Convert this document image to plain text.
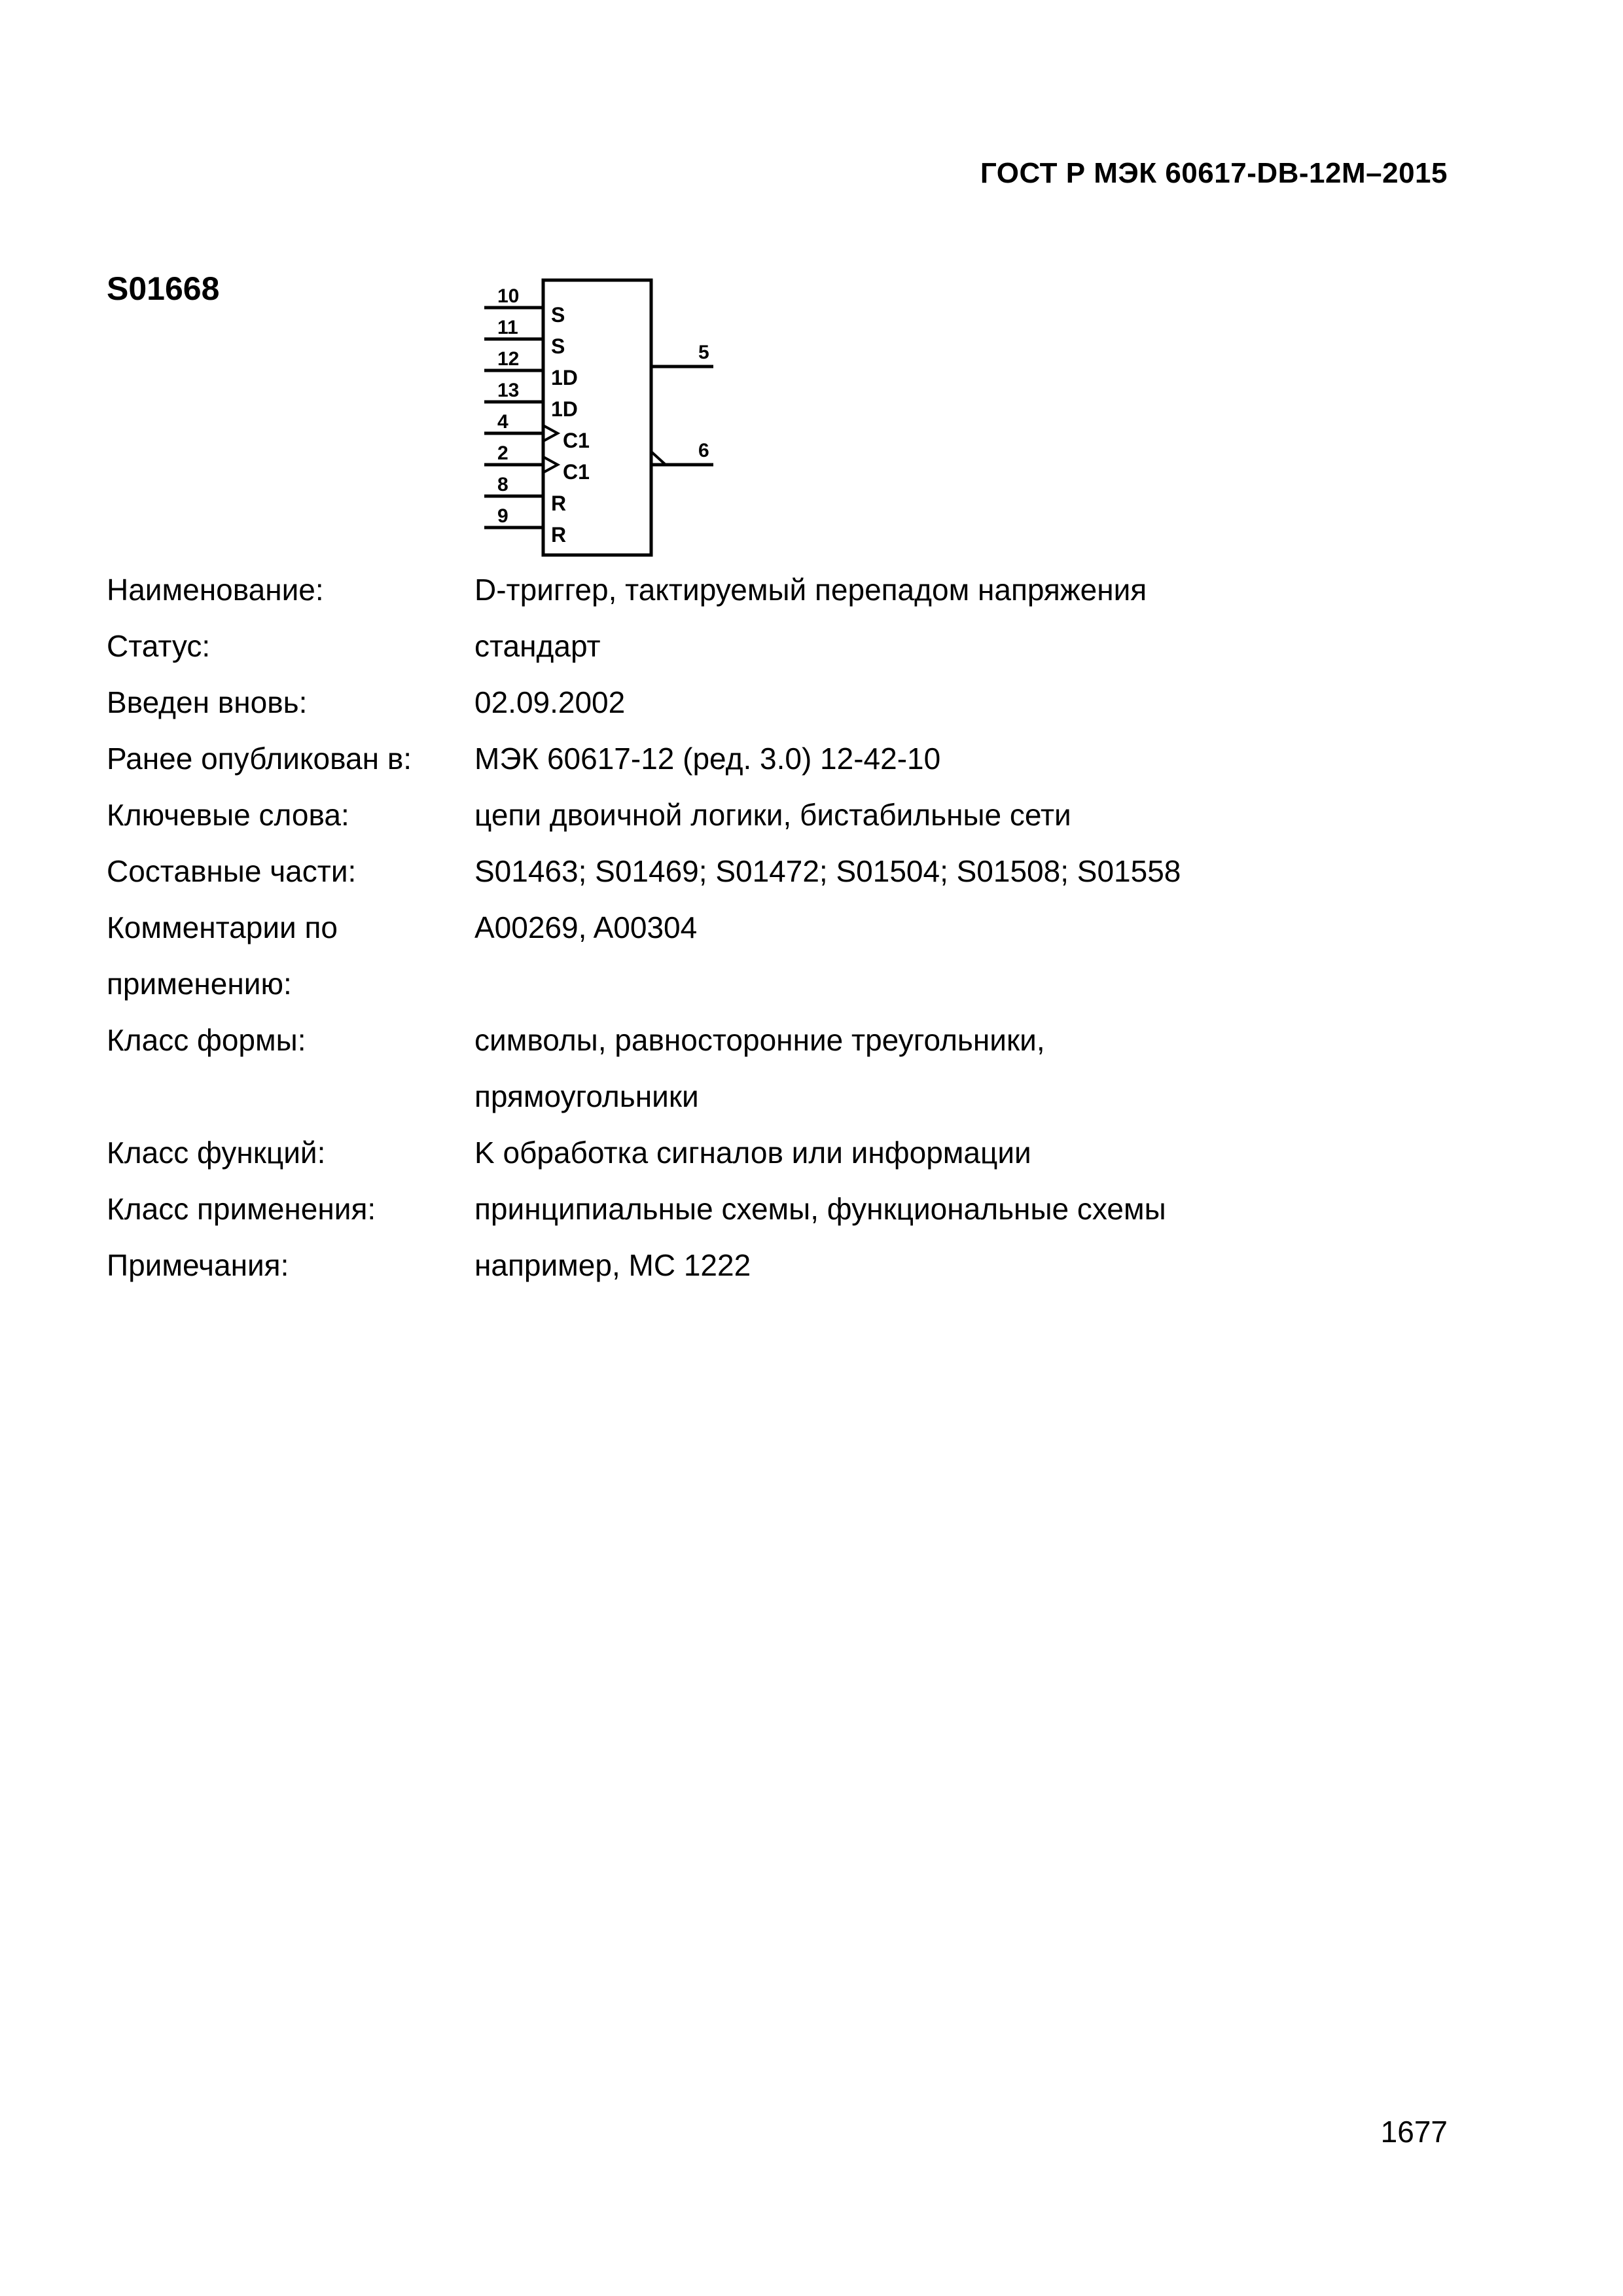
ГОСТ Р МЭК 60617-DB-12M–2015
S01668	10
S
11
S
12
1D
13
1D
4
C1
2
C1
8
R
9
R
5
6
Наименование:	D-триггер, тактируемый перепадом напряжения
Статус:	стандарт
Введен вновь:	02.09.2002
Ранее опубликован в:	МЭК 60617-12 (ред. 3.0) 12-42-10
Ключевые слова:	цепи двоичной логики, бистабильные сети
Составные части:	S01463; S01469; S01472; S01504; S01508; S01558
Комментарии по
применению:
A00269, A00304
Класс формы:	символы, равносторонние треугольники,
прямоугольники
Класс функций:	K обработка сигналов или информации
Класс применения:	принципиальные схемы, функциональные схемы
Примечания:	например, MC 1222
1677
